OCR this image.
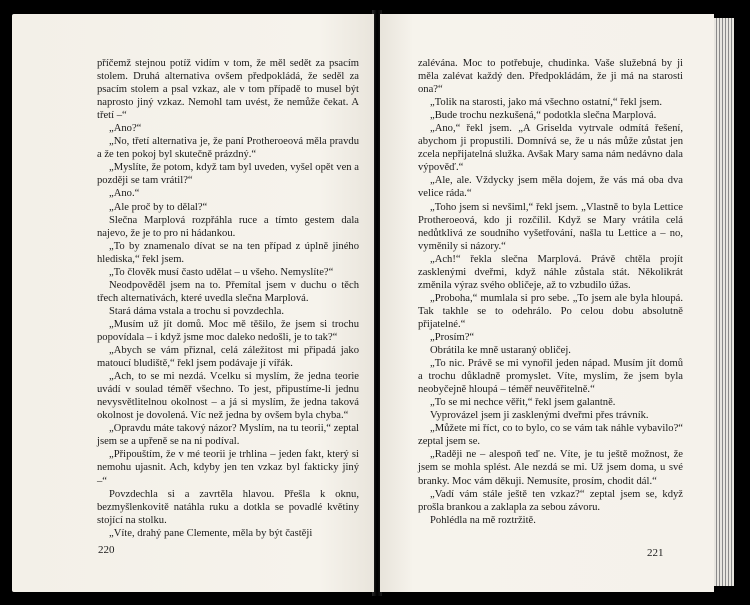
příčemž stejnou potíž vidím v tom, že měl sedět za psacím stolem. Druhá alternativa ovšem předpokládá, že seděl za psacím stolem a psal vzkaz, ale v tom případě to musel být naprosto jiný vzkaz. Nemohl tam uvést, že nemůže čekat. A třetí –“

„Ano?“

„No, třetí alternativa je, že paní Protheroeová měla pravdu a že ten pokoj byl skutečně prázdný.“

„Myslíte, že potom, když tam byl uveden, vyšel opět ven a později se tam vrátil?“

„Ano.“

„Ale proč by to dělal?“

Slečna Marplová rozpřáhla ruce a tímto gestem dala najevo, že je to pro ni hádankou.

„To by znamenalo dívat se na ten případ z úplně jiného hlediska,“ řekl jsem.

„To člověk musí často udělat – u všeho. Nemyslíte?“

Neodpověděl jsem na to. Přemítal jsem v duchu o těch třech alternativách, které uvedla slečna Marplová.

Stará dáma vstala a trochu si povzdechla.

„Musím už jít domů. Moc mě těšilo, že jsem si trochu popovídala – i když jsme moc daleko nedošli, je to tak?“

„Abych se vám přiznal, celá záležitost mi připadá jako matoucí bludiště,“ řekl jsem podávaje jí vířák.

„Ach, to se mi nezdá. Vcelku si myslím, že jedna teorie uvádí v soulad téměř všechno. To jest, připustíme-li jednu nevysvětlitelnou okolnost – a já si myslím, že jedna taková okolnost je dovolená. Víc než jedna by ovšem byla chyba.“

„Opravdu máte takový názor? Myslím, na tu teorii,“ zeptal jsem se a upřeně se na ni podíval.

„Připouštím, že v mé teorii je trhlina – jeden fakt, který si nemohu ujasnit. Ach, kdyby jen ten vzkaz byl fakticky jiný –“

Povzdechla si a zavrtěla hlavou. Přešla k oknu, bezmyšlenkovitě natáhla ruku a dotkla se povadlé květiny stojící na stolku.

„Víte, drahý pane Clemente, měla by být častěji

220

zalévána. Moc to potřebuje, chudinka. Vaše služebná by ji měla zalévat každý den. Předpokládám, že ji má na starosti ona?“

„Tolik na starosti, jako má všechno ostatní,“ řekl jsem.

„Bude trochu nezkušená,“ podotkla slečna Marplová.

„Ano,“ řekl jsem. „A Griselda vytrvale odmítá řešení, abychom ji propustili. Domnívá se, že u nás může zůstat jen zcela nepřijatelná služka. Avšak Mary sama nám nedávno dala výpověď.“

„Ale, ale. Vždycky jsem měla dojem, že vás má oba dva velice ráda.“

„Toho jsem si nevšiml,“ řekl jsem. „Vlastně to byla Lettice Protheroeová, kdo ji rozčílil. Když se Mary vrátila celá nedůtklivá ze soudního vyšetřování, našla tu Lettice a – no, vyměnily si názory.“

„Ach!“ řekla slečna Marplová. Právě chtěla projít zasklenými dveřmi, když náhle zůstala stát. Několikrát změnila výraz svého obličeje, až to vzbudilo úžas.

„Proboha,“ mumlala si pro sebe. „To jsem ale byla hloupá. Tak takhle se to odehrálo. Po celou dobu absolutně přijatelné.“

„Prosím?“

Obrátila ke mně ustaraný obličej.

„To nic. Právě se mi vynořil jeden nápad. Musím jít domů a trochu důkladně promyslet. Víte, myslím, že jsem byla neobyčejně hloupá – téměř neuvěřitelně.“

„To se mi nechce věřit,“ řekl jsem galantně.

Vyprovázel jsem ji zasklenými dveřmi přes trávník.

„Můžete mi říct, co to bylo, co se vám tak náhle vybavilo?“ zeptal jsem se.

„Raději ne – alespoň teď ne. Víte, je tu ještě možnost, že jsem se mohla splést. Ale nezdá se mi. Už jsem doma, u své branky. Moc vám děkuji. Nemusíte, prosím, chodit dál.“

„Vadí vám stále ještě ten vzkaz?“ zeptal jsem se, když prošla brankou a zaklapla za sebou závoru.

Pohlédla na mě roztržitě.

221
